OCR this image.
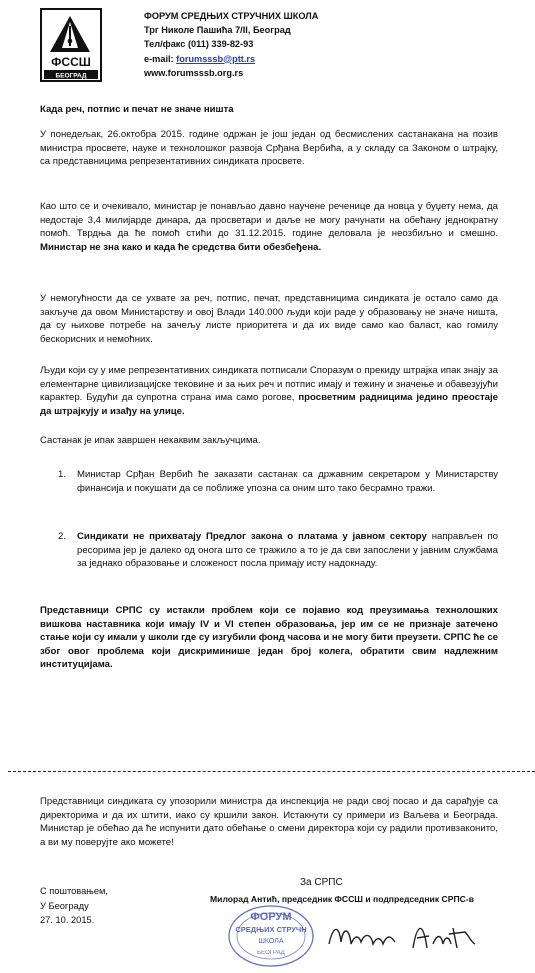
ФССШ
БЕОГРАД
ФОРУМ СРЕДЊИХ СТРУЧНИХ ШКОЛА
Трг Николе Пашића 7/II, Београд
Тел/факс (011) 339-82-93
e-mail: forumsssb@ptt.rs
www.forumsssb.org.rs
Када реч, потпис и печат не значе ништа
У понедељак, 26.октобра 2015. године одржан је још један од бесмислених састанакана на позив министра просвете, науке и технолошког развоја Срђана Вербића, а у складу са Законом о штрајку, са представницима репрезентативних синдиката просвете.
Као што се и очекивало, министар је понављао давно научене реченице да новца у буџету нема, да недостаје 3,4 милијарде динара, да просветари и даље не могу рачунати на обећану једнократну помоћ. Тврдња да ће помоћ стићи до 31.12.2015. године деловала је неозбиљно и смешно. Министар не зна како и када ће средства бити обезбеђена.
У немогућности да се ухвате за реч, потпис, печат, представницима синдиката је остало само да закључе да овом Министарству и овој Влади 140.000 људи који раде у образовању не значе ништа, да су њихове потребе на зачељу листе приоритета и да их виде само као баласт, као гомилу бескорисних и немоћних.
Људи који су у име репрезентативних синдиката потписали Споразум о прекиду штрајка ипак знају за елементарне цивилизацијске тековине и за њих реч и потпис имају и тежину и значење и обавезујући карактер. Будући да супротна страна има само рогове, просветним радницима једино преостаје да штрајкују и изађу на улице.
Састанак је ипак завршен некаквим закључцима.
1.	Министар Срђан Вербић ће заказати састанак са државним секретаром у Министарству финансија и покушати да се поближе упозна са оним што тако бесрамно тражи.
2.	Синдикати не прихватају Предлог закона о платама у јавном сектору направљен по ресорима јер је далеко од онога што се тражило а то је да сви запослени у јавним службама за једнако образовање и сложеност посла примају исту надокнаду.
Представници СРПС су истакли проблем који се појавио код преузимања технолошких вишкова наставника који имају IV и VI степен образовања, јер им се не признаје затечено стање који су имали у школи где су изгубили фонд часова и не могу бити преузети. СРПС ће се због овог проблема који дискриминише један број колега, обратити свим надлежним институцијама.
Представници синдиката су упозорили министра да инспекција не ради свој посао и да сарађује са директорима и да их штити, иако су кршили закон. Истакнути су примери из Ваљева и Београда. Министар је обећао да ће испунити дато обећање о смени директора који су радили противзаконито, а ви му поверујте ако можете!
С поштовањем,
У Београду
27. 10. 2015.
За СРПС
Милорад Антић, председник ФССШ и подпредседник СРПС-в
ФОРУМ
СРЕДЊИХ СТРУЧН
ШКОЛА
БЕОГРАД
